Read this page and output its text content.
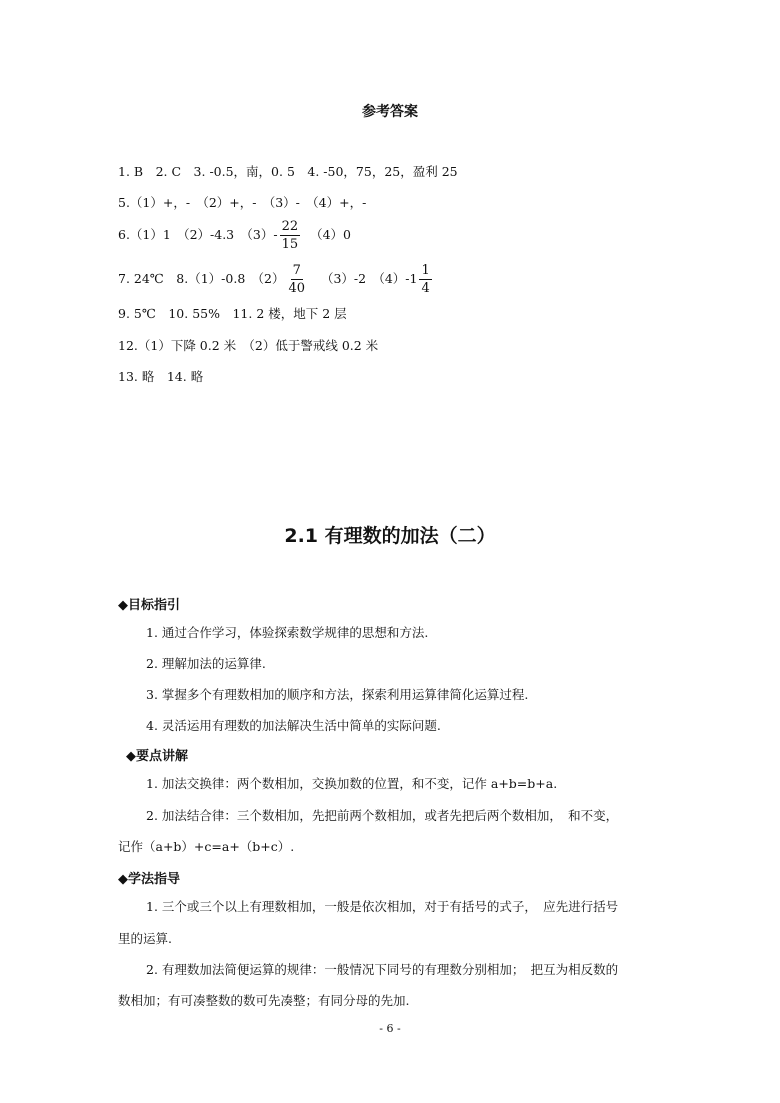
参考答案
1. B　2. C　3. -0.5，南，0. 5　4. -50，75，25，盈利 25
5.（1）+，-　（2）+，-　（3）-　（4）+，-
6.（1）1　（2）-4.3　$(3)- \frac{22}{15} (4)0$
7. 24℃　8.（1）-0.8　$(2) \frac{7}{40} (3)-2$　$(4)-1 \frac{1}{4}$
9. 5℃　10. 55%　11. 2 楼，地下 2 层
12.（1）下降 0.2 米　（2）低于警戒线 0.2 米
13. 略　14. 略
2.1 有理数的加法（二）
◆目标指引
1. 通过合作学习，体验探索数学规律的思想和方法.
2. 理解加法的运算律.
3. 掌握多个有理数相加的顺序和方法，探索利用运算律简化运算过程.
4. 灵活运用有理数的加法解决生活中简单的实际问题.
◆要点讲解
1. 加法交换律：两个数相加，交换加数的位置，和不变，记作 a+b=b+a.
2. 加法结合律：三个数相加，先把前两个数相加，或者先把后两个数相加，　和不变，
记作（a+b）+c=a+（b+c）.
◆学法指导
1. 三个或三个以上有理数相加，一般是依次相加，对于有括号的式子，　应先进行括号
里的运算.
2. 有理数加法简便运算的规律：一般情况下同号的有理数分别相加；　把互为相反数的
数相加；有可凑整数的数可先凑整；有同分母的先加.
- 6 -
